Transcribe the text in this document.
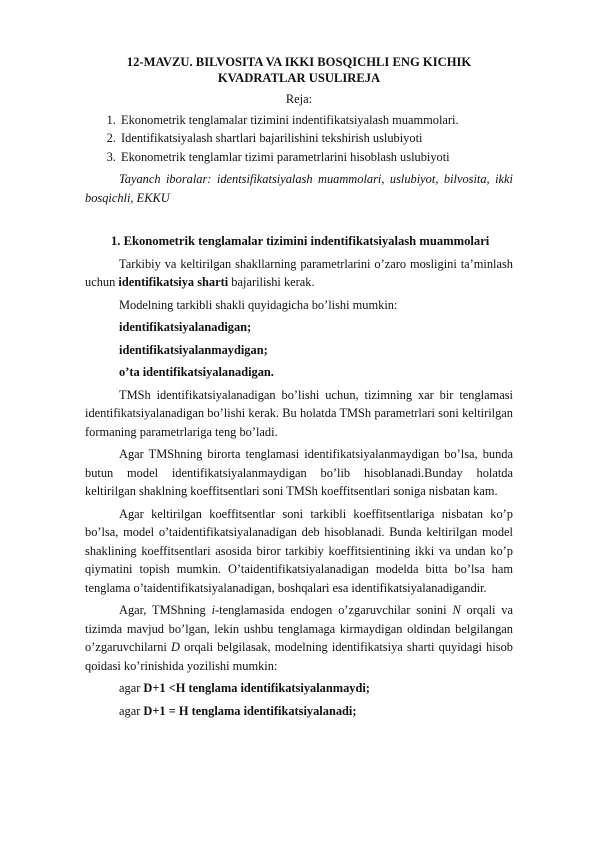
12-MAVZU. BILVOSITA VA IKKI BOSQICHLI ENG KICHIK
KVADRATLAR USULIREJA

Reja:

1. Ekonometrik tenglamalar tizimini indentifikatsiyalash muammolari.
2. Identifikatsiyalash shartlari bajarilishini tekshirish uslubiyoti
3. Ekonometrik tenglamlar tizimi parametrlarini hisoblash uslubiyoti

Tayanch iboralar: identsifikatsiyalash muammolari, uslubiyot, bilvosita, ikki bosqichli, EKKU

1. Ekonometrik tenglamalar tizimini indentifikatsiyalash muammolari

Tarkibiy va keltirilgan shakllarning parametrlarini o’zaro mosligini ta’minlash uchun identifikatsiya sharti bajarilishi kerak.

Modelning tarkibli shakli quyidagicha bo’lishi mumkin:

identifikatsiyalanadigan;

identifikatsiyalanmaydigan;

o’ta identifikatsiyalanadigan.

TMSh identifikatsiyalanadigan bo’lishi uchun, tizimning xar bir tenglamasi identifikatsiyalanadigan bo’lishi kerak. Bu holatda TMSh parametrlari soni keltirilgan formaning parametrlariga teng bo’ladi.

Agar TMShning birorta tenglamasi identifikatsiyalanmaydigan bo’lsa, bunda butun model identifikatsiyalanmaydigan bo’lib hisoblanadi.Bunday holatda keltirilgan shaklning koeffitsentlari soni TMSh koeffitsentlari soniga nisbatan kam.

Agar keltirilgan koeffitsentlar soni tarkibli koeffitsentlariga nisbatan ko’p bo’lsa, model o’taidentifikatsiyalanadigan deb hisoblanadi. Bunda keltirilgan model shaklining koeffitsentlari asosida biror tarkibiy koeffitsientining ikki va undan ko’p qiymatini topish mumkin. O’taidentifikatsiyalanadigan modelda bitta bo’lsa ham tenglama o’taidentifikatsiyalanadigan, boshqalari esa identifikatsiyalanadigandir.

Agar, TMShning i-tenglamasida endogen o’zgaruvchilar sonini N orqali va tizimda mavjud bo’lgan, lekin ushbu tenglamaga kirmaydigan oldindan belgilangan o’zgaruvchilarni D orqali belgilasak, modelning identifikatsiya sharti quyidagi hisob qoidasi ko’rinishida yozilishi mumkin:

agar D+1 <H tenglama identifikatsiyalanmaydi;

agar D+1 = H tenglama identifikatsiyalanadi;
